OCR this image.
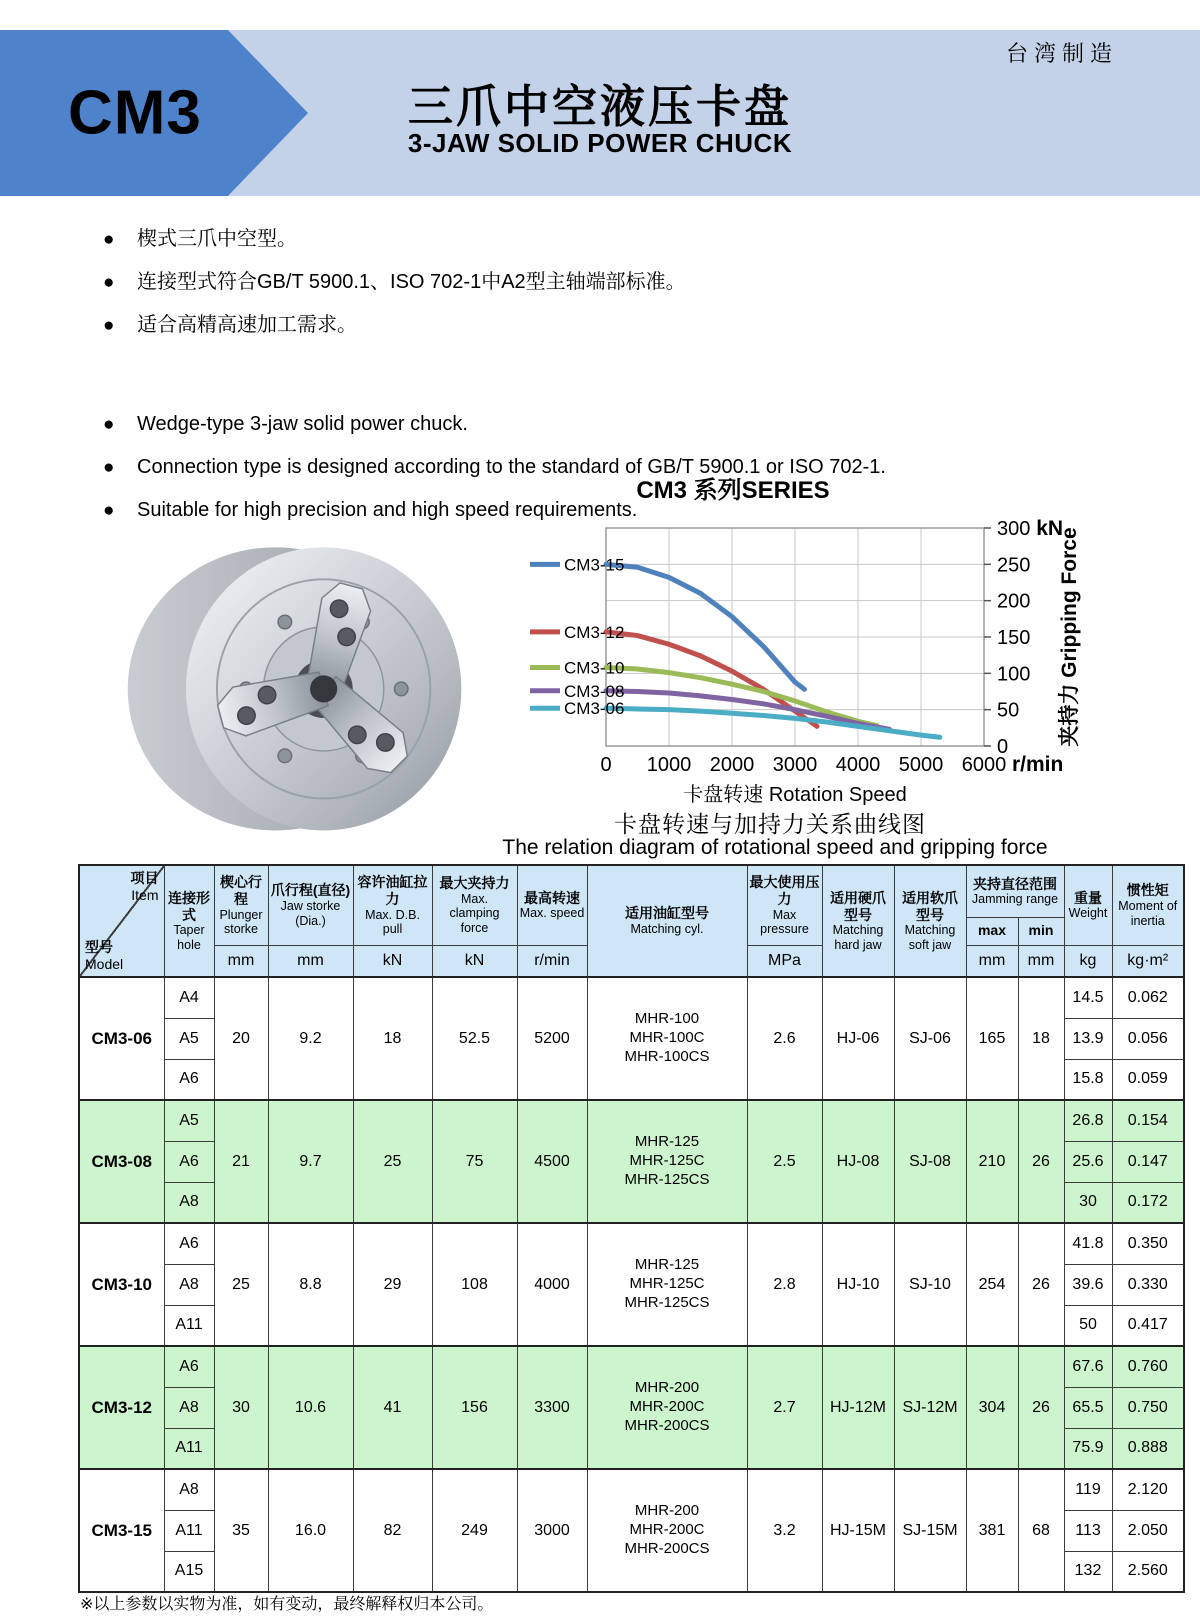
CM3	三爪中空液压卡盘
3-JAW SOLID POWER CHUCK
台湾制造
● 楔式三爪中空型。
● 连接型式符合GB/T 5900.1、ISO 702-1中A2型主轴端部标准。
● 适合高精高速加工需求。
● Wedge-type 3-jaw solid power chuck.
● Connection type is designed according to the standard of GB/T 5900.1 or ISO 702-1.
● Suitable for high precision and high speed requirements.
CM3 系列SERIES
CM3-15
CM3-12
CM3-10
CM3-08
CM3-06
0
50
100
150
200
250
300 kN
0 1000 2000 3000 4000 5000 6000 r/min
卡盘转速 Rotation Speed
夹持力 Gripping Force
卡盘转速与加持力关系曲线图
The relation diagram of rotational speed and gripping force
项目
Item
型号
Model	连接形式
Taper hole	楔心行程
Plunger storke	爪行程(直径)
Jaw storke (Dia.)	容许油缸拉力
Max. D.B. pull	最大夹持力
Max. clamping force	最高转速
Max. speed	适用油缸型号
Matching cyl.	最大使用压力
Max pressure	适用硬爪型号
Matching hard jaw	适用软爪型号
Matching soft jaw	夹持直径范围
Jamming range		重量
Weight	惯性矩
Moment of inertia

											max	min		
		mm	mm	kN	kN	r/min		MPa			mm	mm	kg	kg·m²
CM3-06	A4	20	9.2	18	52.5	5200	MHR-100
MHR-100C
MHR-100CS	2.6	HJ-06	SJ-06	165	18	14.5	0.062
	A5												13.9	0.056
	A6												15.8	0.059
CM3-08	A5	21	9.7	25	75	4500	MHR-125
MHR-125C
MHR-125CS	2.5	HJ-08	SJ-08	210	26	26.8	0.154
	A6												25.6	0.147
	A8												30	0.172
CM3-10	A6	25	8.8	29	108	4000	MHR-125
MHR-125C
MHR-125CS	2.8	HJ-10	SJ-10	254	26	41.8	0.350
	A8												39.6	0.330
	A11												50	0.417
CM3-12	A6	30	10.6	41	156	3300	MHR-200
MHR-200C
MHR-200CS	2.7	HJ-12M	SJ-12M	304	26	67.6	0.760
	A8												65.5	0.750
	A11												75.9	0.888
CM3-15	A8	35	16.0	82	249	3000	MHR-200
MHR-200C
MHR-200CS	3.2	HJ-15M	SJ-15M	381	68	119	2.120
	A11												113	2.050
	A15												132	2.560
※以上参数以实物为准，如有变动，最终解释权归本公司。
